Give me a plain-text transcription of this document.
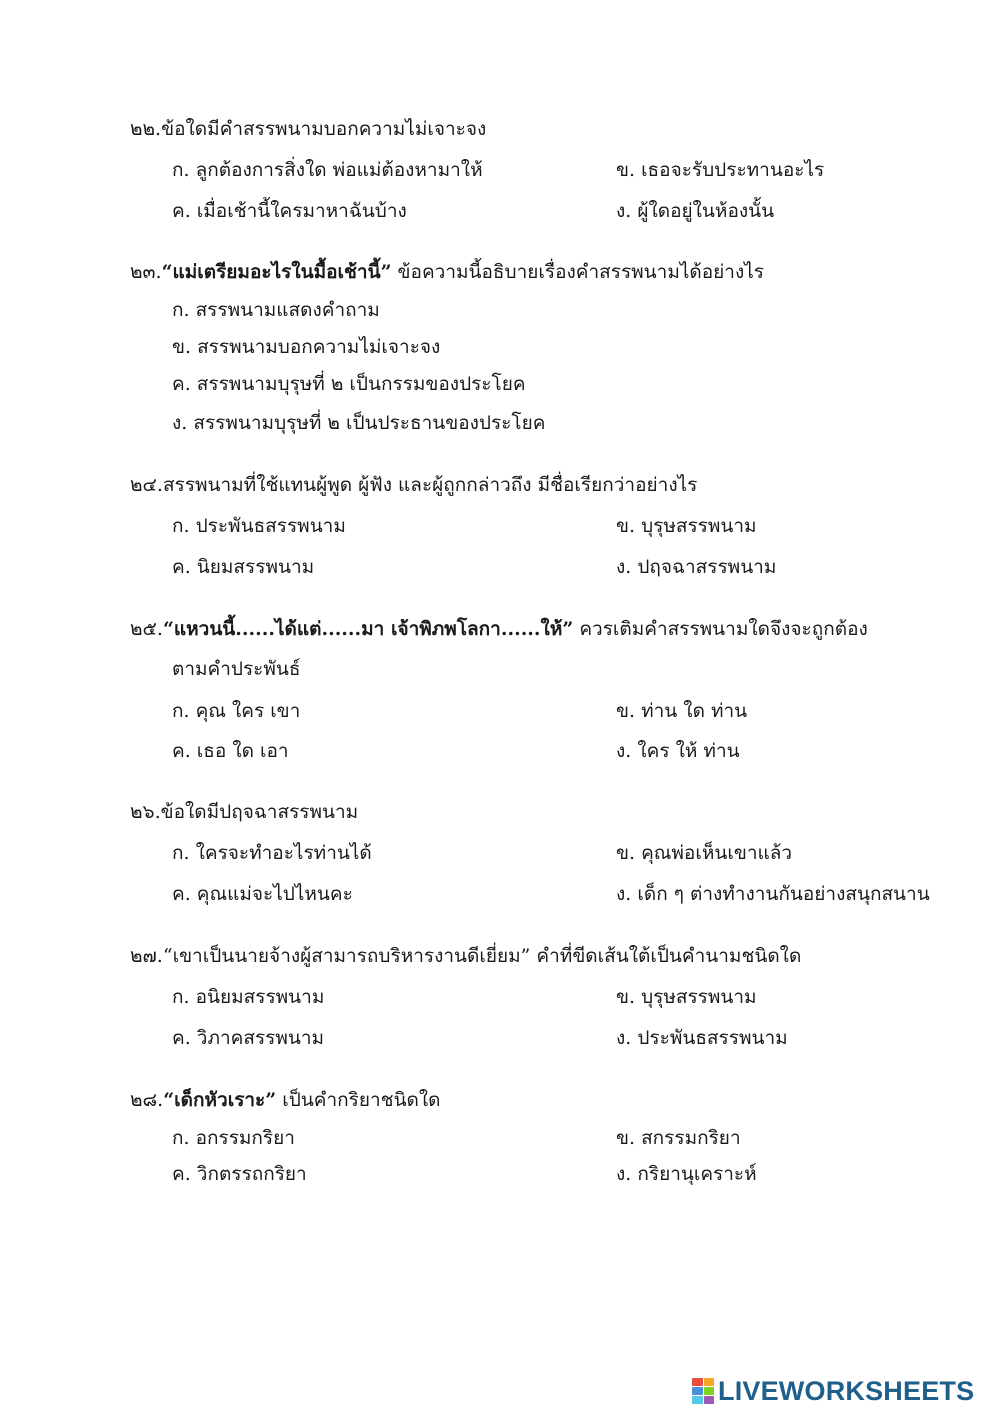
๒๒.ข้อใดมีคำสรรพนามบอกความไม่เจาะจง
ก. ลูกต้องการสิ่งใด พ่อแม่ต้องหามาให้	ข. เธอจะรับประทานอะไร
ค. เมื่อเช้านี้ใครมาหาฉันบ้าง	ง. ผู้ใดอยู่ในห้องนั้น
๒๓.“แม่เตรียมอะไรในมื้อเช้านี้” ข้อความนี้อธิบายเรื่องคำสรรพนามได้อย่างไร
ก. สรรพนามแสดงคำถาม
ข. สรรพนามบอกความไม่เจาะจง
ค. สรรพนามบุรุษที่ ๒ เป็นกรรมของประโยค
ง. สรรพนามบุรุษที่ ๒ เป็นประธานของประโยค
๒๔.สรรพนามที่ใช้แทนผู้พูด ผู้ฟัง และผู้ถูกกล่าวถึง มีชื่อเรียกว่าอย่างไร
ก. ประพันธสรรพนาม	ข. บุรุษสรรพนาม
ค. นิยมสรรพนาม	ง. ปฤจฉาสรรพนาม
๒๕.“แหวนนี้......ได้แต่......มา เจ้าพิภพโลกา......ให้” ควรเติมคำสรรพนามใดจึงจะถูกต้อง
ตามคำประพันธ์
ก. คุณ ใคร เขา	ข. ท่าน ใด ท่าน
ค. เธอ ใด เอา	ง. ใคร ให้ ท่าน
๒๖.ข้อใดมีปฤจฉาสรรพนาม
ก. ใครจะทำอะไรท่านได้	ข. คุณพ่อเห็นเขาแล้ว
ค. คุณแม่จะไปไหนคะ	ง. เด็ก ๆ ต่างทำงานกันอย่างสนุกสนาน
๒๗.“เขาเป็นนายจ้างผู้สามารถบริหารงานดีเยี่ยม” คำที่ขีดเส้นใต้เป็นคำนามชนิดใด
ก. อนิยมสรรพนาม	ข. บุรุษสรรพนาม
ค. วิภาคสรรพนาม	ง. ประพันธสรรพนาม
๒๘.“เด็กหัวเราะ” เป็นคำกริยาชนิดใด
ก. อกรรมกริยา	ข. สกรรมกริยา
ค. วิกตรรถกริยา	ง. กริยานุเคราะห์
LIVEWORKSHEETS
